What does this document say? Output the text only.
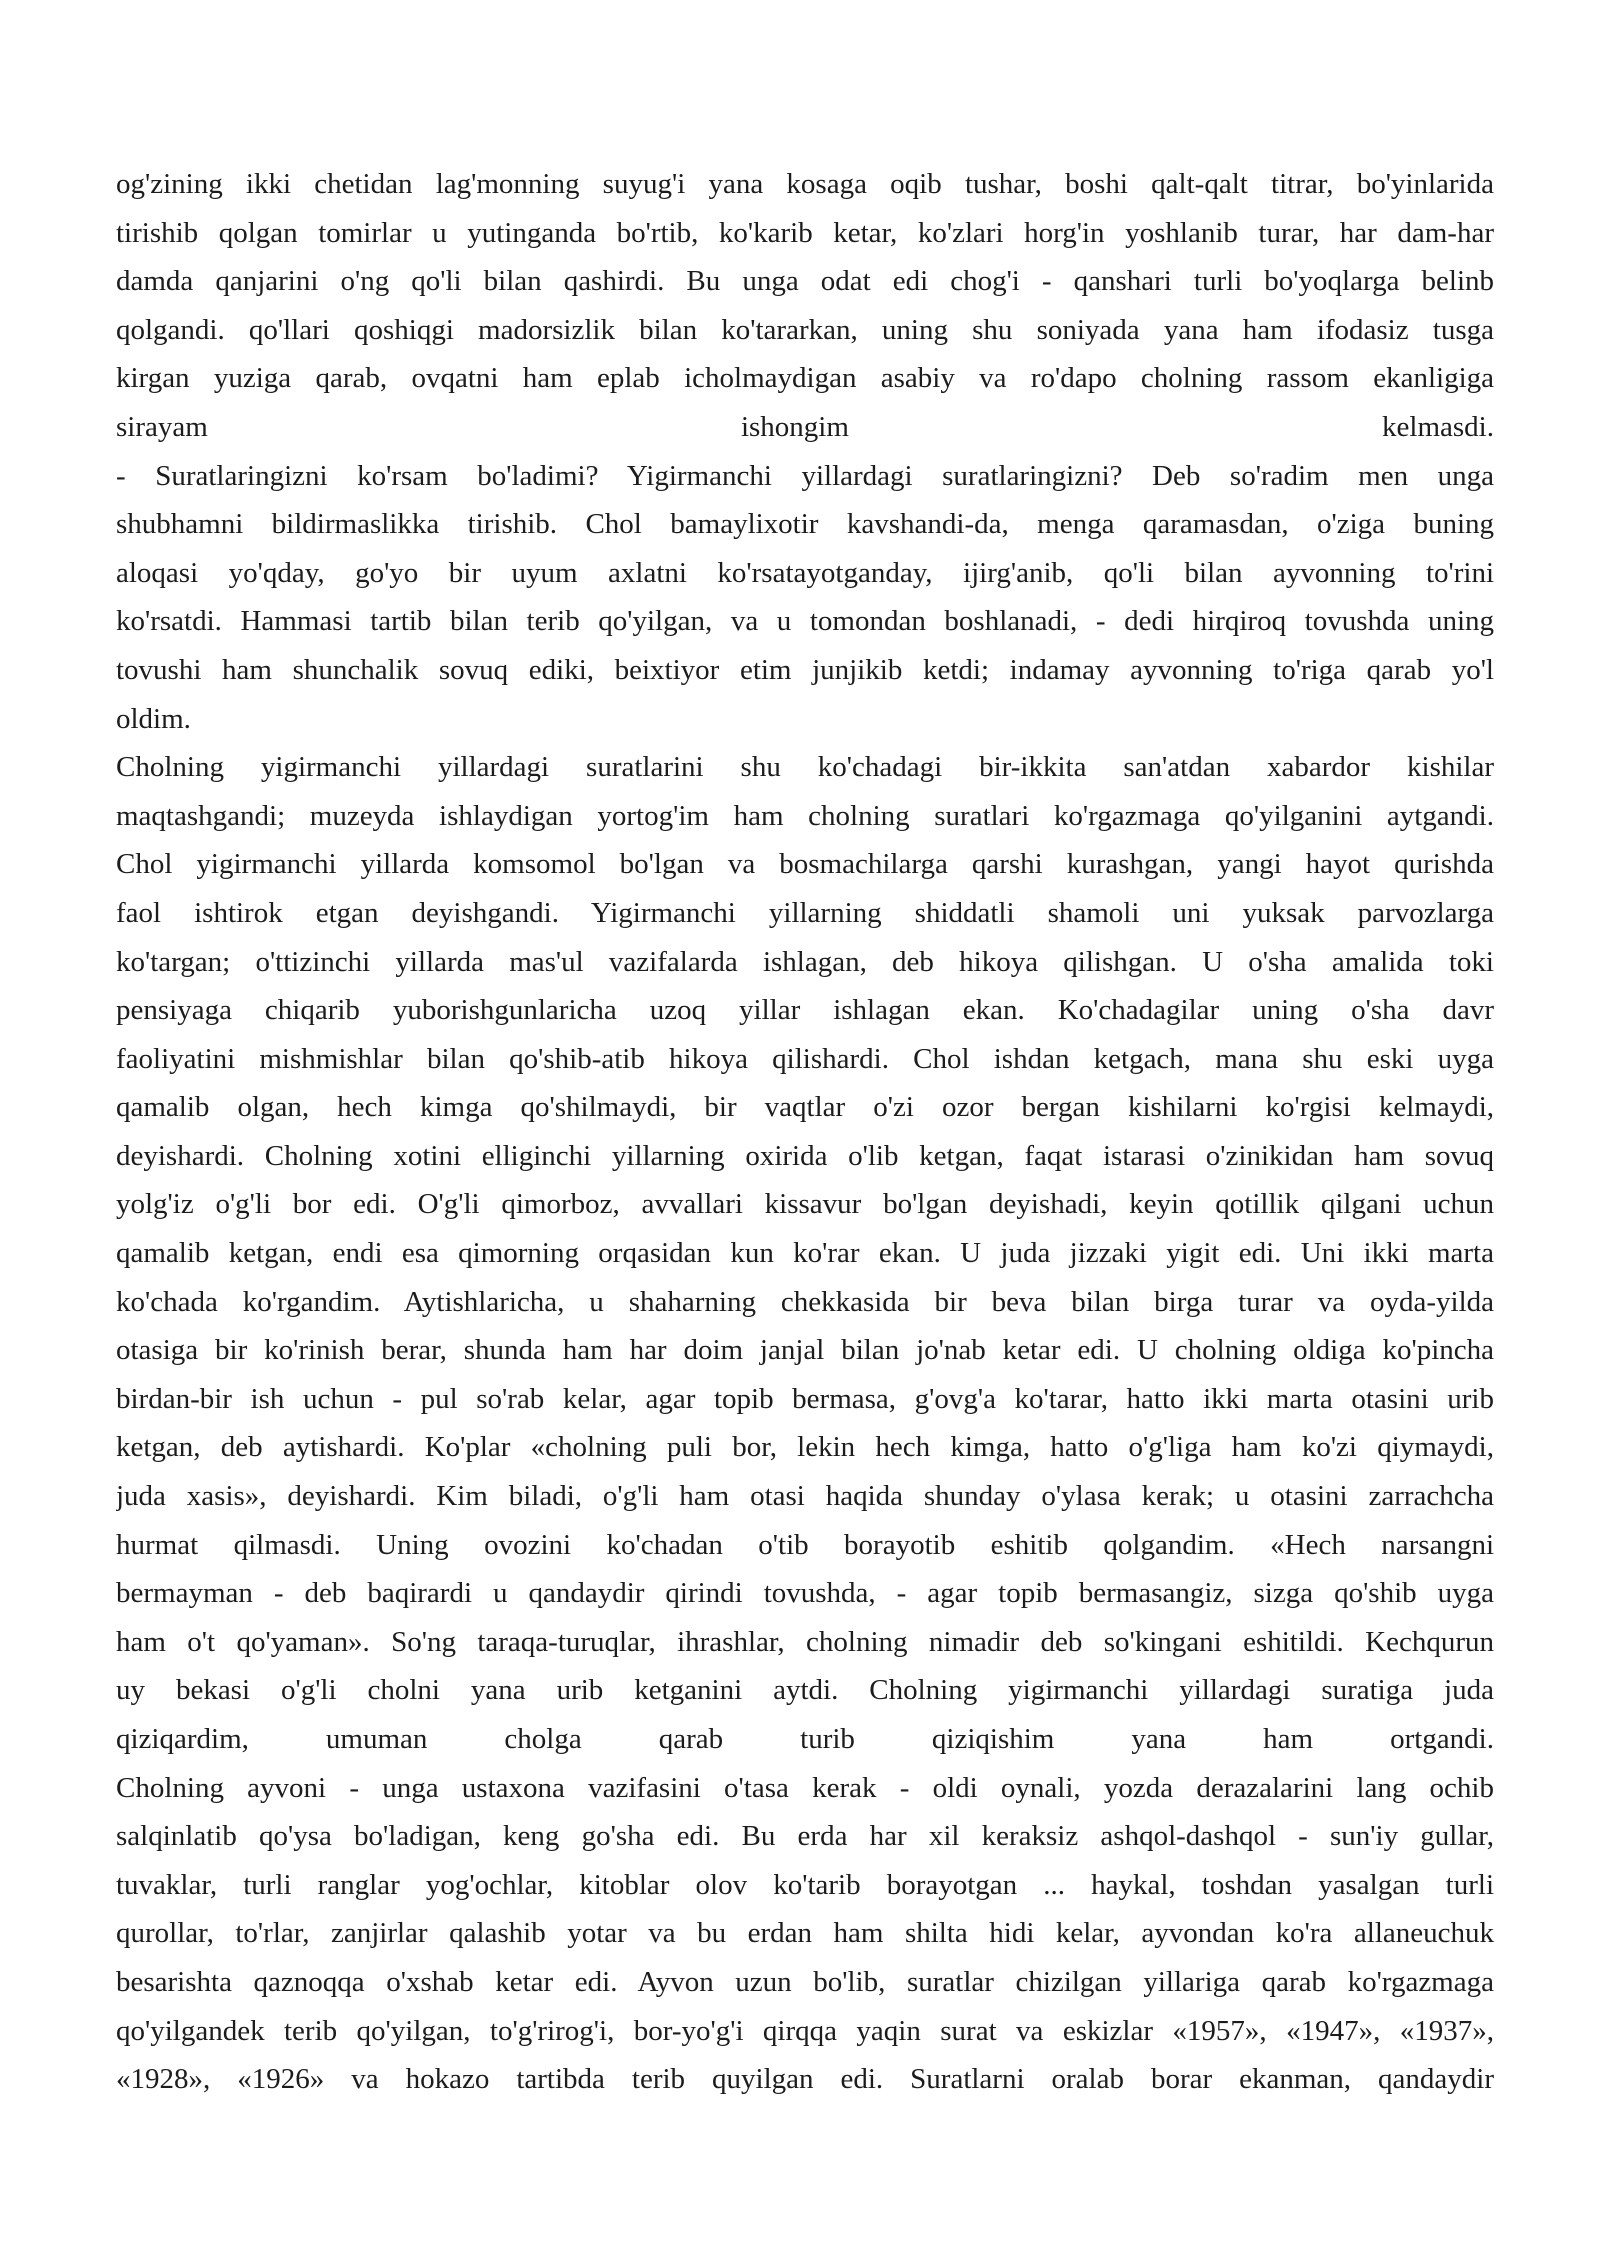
og'zining ikki chetidan lag'monning suyug'i yana kosaga oqib tushar, boshi qalt-qalt titrar, bo'yinlarida
tirishib qolgan tomirlar u yutinganda bo'rtib, ko'karib ketar, ko'zlari horg'in yoshlanib turar, har dam-har
damda qanjarini o'ng qo'li bilan qashirdi. Bu unga odat edi chog'i - qanshari turli bo'yoqlarga belinb
qolgandi. qo'llari qoshiqgi madorsizlik bilan ko'tararkan, uning shu soniyada yana ham ifodasiz tusga
kirgan yuziga qarab, ovqatni ham eplab icholmaydigan asabiy va ro'dapo cholning rassom ekanligiga
sirayam ishongim kelmasdi.
- Suratlaringizni ko'rsam bo'ladimi? Yigirmanchi yillardagi suratlaringizni? Deb so'radim men unga
shubhamni bildirmaslikka tirishib. Chol bamaylixotir kavshandi-da, menga qaramasdan, o'ziga buning
aloqasi yo'qday, go'yo bir uyum axlatni ko'rsatayotganday, ijirg'anib, qo'li bilan ayvonning to'rini
ko'rsatdi. Hammasi tartib bilan terib qo'yilgan, va u tomondan boshlanadi, - dedi hirqiroq tovushda uning
tovushi ham shunchalik sovuq ediki, beixtiyor etim junjikib ketdi; indamay ayvonning to'riga qarab yo'l
oldim.
Cholning yigirmanchi yillardagi suratlarini shu ko'chadagi bir-ikkita san'atdan xabardor kishilar
maqtashgandi; muzeyda ishlaydigan yortog'im ham cholning suratlari ko'rgazmaga qo'yilganini aytgandi.
Chol yigirmanchi yillarda komsomol bo'lgan va bosmachilarga qarshi kurashgan, yangi hayot qurishda
faol ishtirok etgan deyishgandi. Yigirmanchi yillarning shiddatli shamoli uni yuksak parvozlarga
ko'targan; o'ttizinchi yillarda mas'ul vazifalarda ishlagan, deb hikoya qilishgan. U o'sha amalida toki
pensiyaga chiqarib yuborishgunlaricha uzoq yillar ishlagan ekan. Ko'chadagilar uning o'sha davr
faoliyatini mishmishlar bilan qo'shib-atib hikoya qilishardi. Chol ishdan ketgach, mana shu eski uyga
qamalib olgan, hech kimga qo'shilmaydi, bir vaqtlar o'zi ozor bergan kishilarni ko'rgisi kelmaydi,
deyishardi. Cholning xotini elliginchi yillarning oxirida o'lib ketgan, faqat istarasi o'zinikidan ham sovuq
yolg'iz o'g'li bor edi. O'g'li qimorboz, avvallari kissavur bo'lgan deyishadi, keyin qotillik qilgani uchun
qamalib ketgan, endi esa qimorning orqasidan kun ko'rar ekan. U juda jizzaki yigit edi. Uni ikki marta
ko'chada ko'rgandim. Aytishlaricha, u shaharning chekkasida bir beva bilan birga turar va oyda-yilda
otasiga bir ko'rinish berar, shunda ham har doim janjal bilan jo'nab ketar edi. U cholning oldiga ko'pincha
birdan-bir ish uchun - pul so'rab kelar, agar topib bermasa, g'ovg'a ko'tarar, hatto ikki marta otasini urib
ketgan, deb aytishardi. Ko'plar «cholning puli bor, lekin hech kimga, hatto o'g'liga ham ko'zi qiymaydi,
juda xasis», deyishardi. Kim biladi, o'g'li ham otasi haqida shunday o'ylasa kerak; u otasini zarrachcha
hurmat qilmasdi. Uning ovozini ko'chadan o'tib borayotib eshitib qolgandim. «Hech narsangni
bermayman - deb baqirardi u qandaydir qirindi tovushda, - agar topib bermasangiz, sizga qo'shib uyga
ham o't qo'yaman». So'ng taraqa-turuqlar, ihrashlar, cholning nimadir deb so'kingani eshitildi. Kechqurun
uy bekasi o'g'li cholni yana urib ketganini aytdi. Cholning yigirmanchi yillardagi suratiga juda
qiziqardim, umuman cholga qarab turib qiziqishim yana ham ortgandi.
Cholning ayvoni - unga ustaxona vazifasini o'tasa kerak - oldi oynali, yozda derazalarini lang ochib
salqinlatib qo'ysa bo'ladigan, keng go'sha edi. Bu erda har xil keraksiz ashqol-dashqol - sun'iy gullar,
tuvaklar, turli ranglar yog'ochlar, kitoblar olov ko'tarib borayotgan ... haykal, toshdan yasalgan turli
qurollar, to'rlar, zanjirlar qalashib yotar va bu erdan ham shilta hidi kelar, ayvondan ko'ra allaneuchuk
besarishta qaznoqqa o'xshab ketar edi. Ayvon uzun bo'lib, suratlar chizilgan yillariga qarab ko'rgazmaga
qo'yilgandek terib qo'yilgan, to'g'rirog'i, bor-yo'g'i qirqqa yaqin surat va eskizlar «1957», «1947», «1937»,
«1928», «1926» va hokazo tartibda terib quyilgan edi. Suratlarni oralab borar ekanman, qandaydir
